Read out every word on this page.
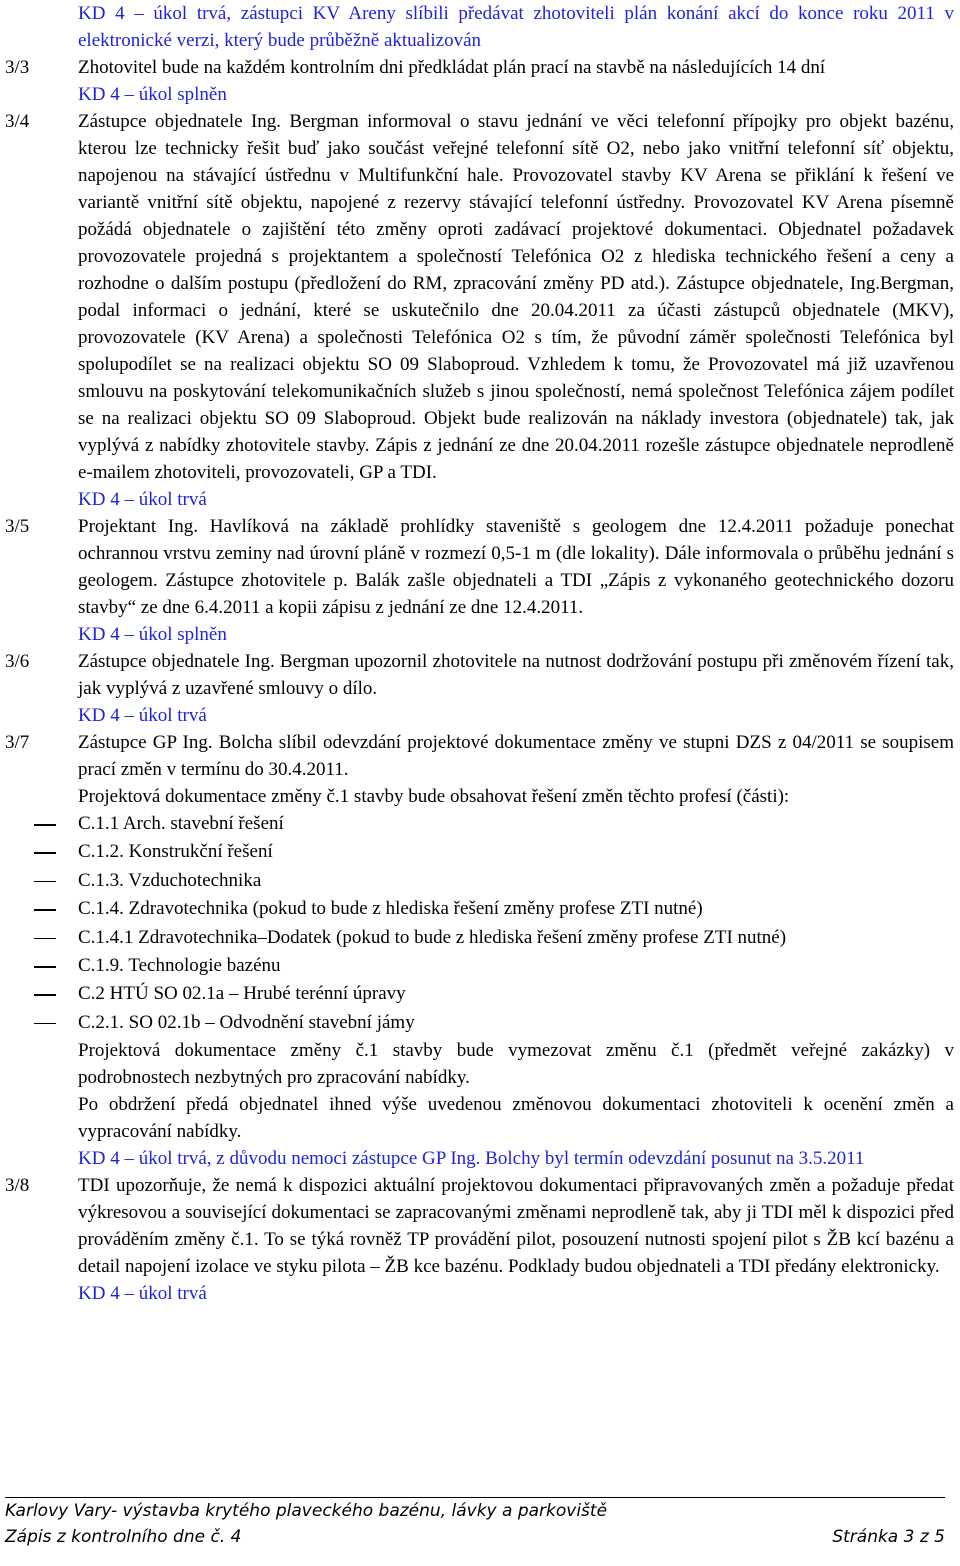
KD 4 – úkol trvá, zástupci KV Areny slíbili předávat zhotoviteli plán konání akcí do konce roku 2011 v elektronické verzi, který bude průběžně aktualizován

3/3	Zhotovitel bude na každém kontrolním dni předkládat plán prací na stavbě na následujících 14 dní

KD 4 – úkol splněn

3/4	Zástupce objednatele Ing. Bergman informoval o stavu jednání ve věci telefonní přípojky pro objekt bazénu, kterou lze technicky řešit buď jako součást veřejné telefonní sítě O2, nebo jako vnitřní telefonní síť objektu, napojenou na stávající ústřednu v Multifunkční hale. Provozovatel stavby KV Arena se přiklání k řešení ve variantě vnitřní sítě objektu, napojené z rezervy stávající telefonní ústředny. Provozovatel KV Arena písemně požádá objednatele o zajištění této změny oproti zadávací projektové dokumentaci. Objednatel požadavek provozovatele projedná s projektantem a společností Telefónica O2 z hlediska technického řešení a ceny a rozhodne o dalším postupu (předložení do RM, zpracování změny PD atd.). Zástupce objednatele, Ing.Bergman, podal informaci o jednání, které se uskutečnilo dne 20.04.2011 za účasti zástupců objednatele (MKV), provozovatele (KV Arena) a společnosti Telefónica O2 s tím, že původní záměr společnosti Telefónica byl spolupodílet se na realizaci objektu SO 09 Slaboproud. Vzhledem k tomu, že Provozovatel má již uzavřenou smlouvu na poskytování telekomunikačních služeb s jinou společností, nemá společnost Telefónica zájem podílet se na realizaci objektu SO 09 Slaboproud. Objekt bude realizován na náklady investora (objednatele) tak, jak vyplývá z nabídky zhotovitele stavby. Zápis z jednání ze dne 20.04.2011 rozešle zástupce objednatele neprodleně e-mailem zhotoviteli, provozovateli, GP a TDI.

KD 4 – úkol trvá

3/5	Projektant Ing. Havlíková na základě prohlídky staveniště s geologem dne 12.4.2011 požaduje ponechat ochrannou vrstvu zeminy nad úrovní pláně v rozmezí 0,5-1 m (dle lokality). Dále informovala o průběhu jednání s geologem. Zástupce zhotovitele p. Balák zašle objednateli a TDI „Zápis z vykonaného geotechnického dozoru stavby“ ze dne 6.4.2011 a kopii zápisu z jednání ze dne 12.4.2011.

KD 4 – úkol splněn

3/6	Zástupce objednatele Ing. Bergman upozornil zhotovitele na nutnost dodržování postupu při změnovém řízení tak, jak vyplývá z uzavřené smlouvy o dílo.

KD 4 – úkol trvá

3/7	Zástupce GP Ing. Bolcha slíbil odevzdání projektové dokumentace změny ve stupni DZS z 04/2011 se soupisem prací změn v termínu do 30.4.2011.

Projektová dokumentace změny č.1 stavby bude obsahovat řešení změn těchto profesí (části):

C.1.1 Arch. stavební řešení
C.1.2. Konstrukční řešení
C.1.3. Vzduchotechnika
C.1.4. Zdravotechnika (pokud to bude z hlediska řešení změny profese ZTI nutné)
C.1.4.1 Zdravotechnika–Dodatek (pokud to bude z hlediska řešení změny profese ZTI nutné)
C.1.9. Technologie bazénu
C.2 HTÚ SO 02.1a – Hrubé terénní úpravy
C.2.1. SO 02.1b – Odvodnění stavební jámy

Projektová dokumentace změny č.1 stavby bude vymezovat změnu č.1 (předmět veřejné zakázky) v podrobnostech nezbytných pro zpracování nabídky.

Po obdržení předá objednatel ihned výše uvedenou změnovou dokumentaci zhotoviteli k ocenění změn a vypracování nabídky.

KD 4 – úkol trvá, z důvodu nemoci zástupce GP Ing. Bolchy byl termín odevzdání posunut na 3.5.2011

3/8	TDI upozorňuje, že nemá k dispozici aktuální projektovou dokumentaci připravovaných změn a požaduje předat výkresovou a související dokumentaci se zapracovanými změnami neprodleně tak, aby ji TDI měl k dispozici před prováděním změny č.1. To se týká rovněž TP provádění pilot, posouzení nutnosti spojení pilot s ŽB kcí bazénu a detail napojení izolace ve styku pilota – ŽB kce bazénu. Podklady budou objednateli a TDI předány elektronicky.

KD 4 – úkol trvá

Karlovy Vary- výstavba krytého plaveckého bazénu, lávky a parkoviště
Zápis z kontrolního dne č. 4	Stránka 3 z 5
